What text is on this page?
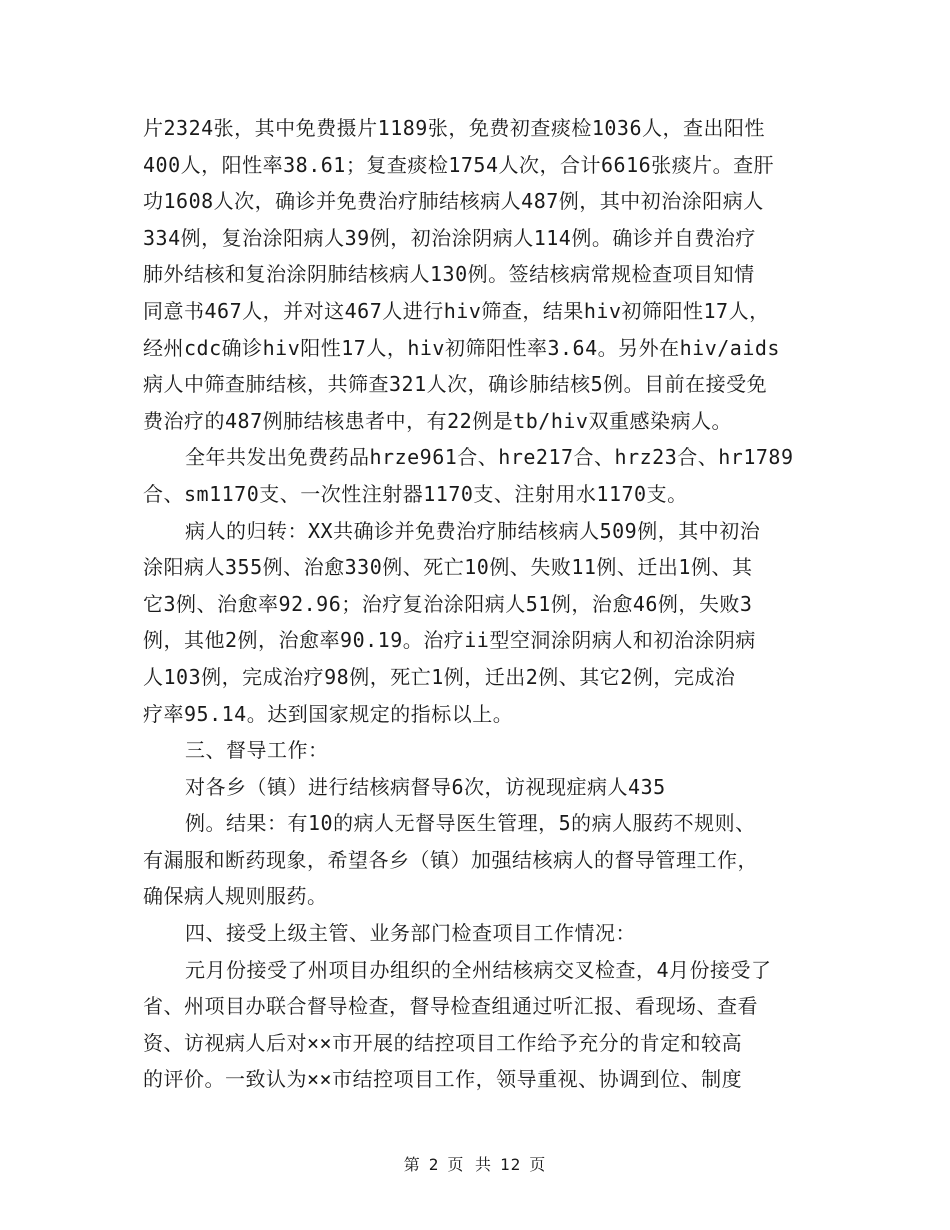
片2324张，其中免费摄片1189张，免费初查痰检1036人，查出阳性
400人，阳性率38.61；复查痰检1754人次，合计6616张痰片。查肝
功1608人次，确诊并免费治疗肺结核病人487例，其中初治涂阳病人
334例，复治涂阳病人39例，初治涂阴病人114例。确诊并自费治疗
肺外结核和复治涂阴肺结核病人130例。签结核病常规检查项目知情
同意书467人，并对这467人进行hiv筛查，结果hiv初筛阳性17人，
经州cdc确诊hiv阳性17人，hiv初筛阳性率3.64。另外在hiv/aids
病人中筛查肺结核，共筛查321人次，确诊肺结核5例。目前在接受免
费治疗的487例肺结核患者中，有22例是tb/hiv双重感染病人。
全年共发出免费药品hrze961合、hre217合、hrz23合、hr1789
合、sm1170支、一次性注射器1170支、注射用水1170支。
病人的归转：XX共确诊并免费治疗肺结核病人509例，其中初治
涂阳病人355例、治愈330例、死亡10例、失败11例、迁出1例、其
它3例、治愈率92.96；治疗复治涂阳病人51例，治愈46例，失败3
例，其他2例，治愈率90.19。治疗ii型空洞涂阴病人和初治涂阴病
人103例，完成治疗98例，死亡1例，迁出2例、其它2例，完成治
疗率95.14。达到国家规定的指标以上。
三、督导工作：
对各乡（镇）进行结核病督导6次，访视现症病人435
例。结果：有10的病人无督导医生管理，5的病人服药不规则、
有漏服和断药现象，希望各乡（镇）加强结核病人的督导管理工作，
确保病人规则服药。
四、接受上级主管、业务部门检查项目工作情况：
元月份接受了州项目办组织的全州结核病交叉检查，4月份接受了
省、州项目办联合督导检查，督导检查组通过听汇报、看现场、查看
资、访视病人后对××市开展的结控项目工作给予充分的肯定和较高
的评价。一致认为××市结控项目工作，领导重视、协调到位、制度
第 2 页 共 12 页
